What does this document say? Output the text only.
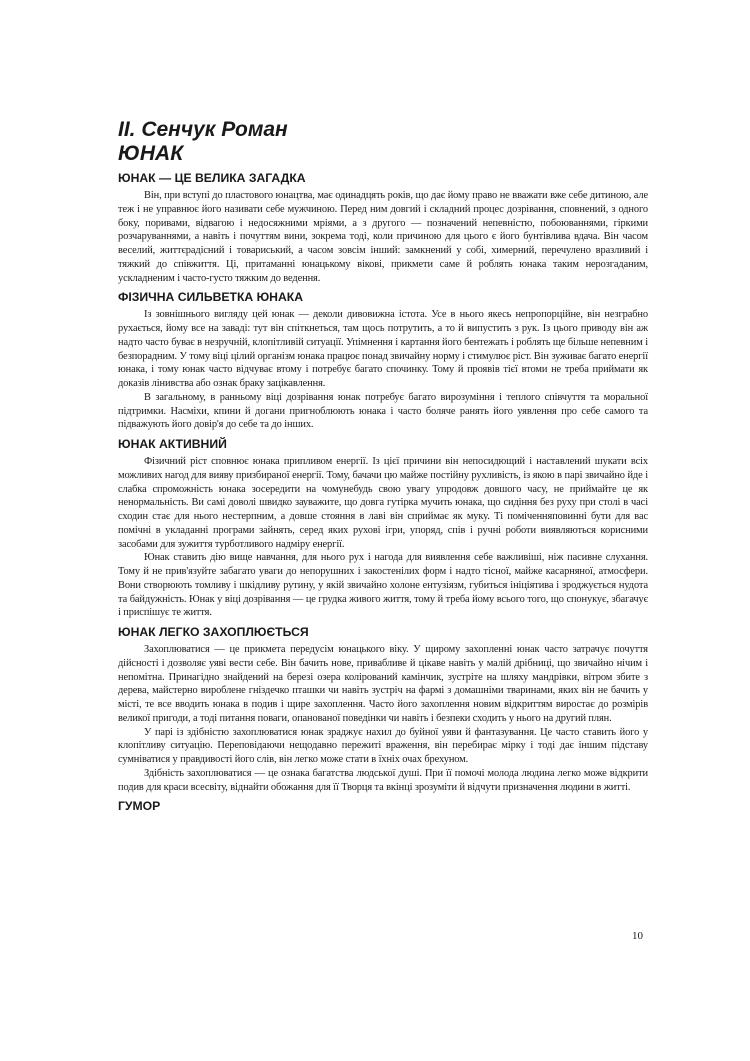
II. Сенчук Роман
ЮНАК
ЮНАК — ЦЕ ВЕЛИКА ЗАГАДКА

Він, при вступі до пластового юнацтва, має одинадцять років, що дає йому право не вважати вже себе дитиною, але теж і не управнює його називати себе мужчиною. Перед ним довгий і складний процес дозрівання, сповнений, з одного боку, поривами, відвагою і недосяжними мріями, а з другого — позначений непевністю, побоюваннями, гіркими розчаруваннями, а навіть і почуттям вини, зокрема тоді, коли причиною для цього є його бунтівлива вдача. Він часом веселий, життєрадісний і товариський, а часом зовсім інший: замкнений у собі, химерний, перечулено вразливий і тяжкий до співжиття. Ці, притаманні юнацькому віковi, прикмети саме й роблять юнака таким нерозгаданим, ускладненим і часто-густо тяжким до ведення.

ФІЗИЧНА СИЛЬВЕТКА ЮНАКА

Із зовнішнього вигляду цей юнак — деколи дивовижна істота. Усе в нього якесь непропорційне, він незграбно рухається, йому все на заваді: тут він спіткнеться, там щось потрутить, а то й випустить з рук. Із цього приводу він аж надто часто буває в незручній, клопітливій ситуації. Упімнення і картання його бентежать і роблять ще більше непевним і безпорадним. У тому віці цілий організм юнака працює понад звичайну норму і стимулює ріст. Він зуживає багато енергії юнака, і тому юнак часто відчуває втому і потребує багато спочинку. Тому й проявів тієї втоми не треба приймати як доказів лінивства або ознак браку зацікавлення.

В загальному, в ранньому віці дозрівання юнак потребує багато вирозуміння і теплого співчуття та моральної підтримки. Насміхи, кпини й догани пригноблюють юнака і часто боляче ранять його уявлення про себе самого та підважують його довір'я до себе та до інших.

ЮНАК АКТИВНИЙ

Фізичний ріст сповнює юнака припливом енергії. Із цієї причини він непосидющий і наставлений шукати всіх можливих нагод для вияву призбираної енергії. Тому, бачачи цю майже постійну рухливість, із якою в парі звичайно йде і слабка спроможність юнака зосередити на чомунебудь свою увагу упродовж довшого часу, не приймайте це як ненормальність. Ви самі доволі швидко зауважите, що довга гутірка мучить юнака, що сидіння без руху при столі в часі сходин стає для нього нестерпним, а довше стояння в лаві він сприймає як муку. Ті поміченняповинні бути для вас помічні в укладанні програми зайнять, серед яких рухові ігри, упоряд, спів і ручні роботи виявляються корисними засобами для зужиття турботливого надміру енергії.

Юнак ставить дію вище навчання, для нього рух і нагода для виявлення себе важливіші, ніж пасивне слухання. Тому й не прив'язуйте забагато уваги до непорушних і закостенілих форм і надто тісної, майже касарняної, атмосфери. Вони створюють томливу і шкідливу рутину, у якій звичайно холоне ентузіязм, губиться ініціятива і зроджується нудота та байдужність. Юнак у віці дозрівання — це грудка живого життя, тому й треба йому всього того, що спонукує, збагачує і приспішує те життя.

ЮНАК ЛЕГКО ЗАХОПЛЮЄТЬСЯ

Захоплюватися — це прикмета передусім юнацького віку. У щирому захопленні юнак часто затрачує почуття дійсності і дозволяє уяві вести себе. Він бачить нове, привабливе й цікаве навіть у малій дрібниці, що звичайно нічим і непомітна. Принагідно знайдений на березі озера колірований камінчик, зустріте на шляху мандрівки, вітром збите з дерева, майстерно вироблене гніздечко пташки чи навіть зустріч на фармі з домашніми тваринами, яких він не бачить у місті, те все вводить юнака в подив і щире захоплення. Часто його захоплення новим відкриттям виростає до розмірів великої пригоди, а тоді питання поваги, опанованої поведінки чи навіть і безпеки сходить у нього на другий плян.

У парі із здібністю захоплюватися юнак зраджує нахил до буйної уяви й фантазування. Це часто ставить його у клопітливу ситуацію. Переповідаючи нещодавно пережиті враження, він перебирає мірку і тоді дає іншим підставу сумніватися у правдивості його слів, він легко може стати в їхніх очах брехуном.

Здібність захоплюватися — це ознака багатства людської душі. При її помочі молода людина легко може відкрити подив для краси всесвіту, віднайти обожання для її Творця та вкінці зрозуміти й відчути призначення людини в житті.

ГУМОР
10
